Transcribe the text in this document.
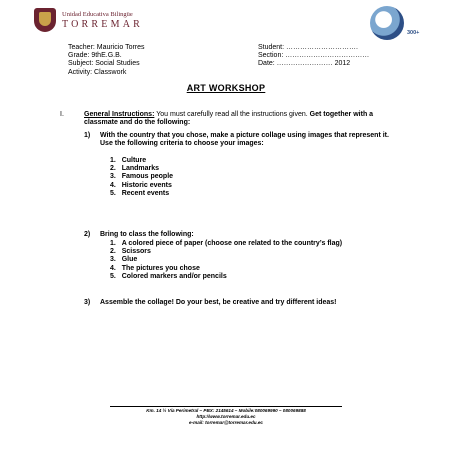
Unidad Educativa Bilingüe
TORREMAR
300+
Teacher: Mauricio Torres
Grade: 9thE.G.B.
Subject: Social Studies
Activity: Classwork
Student: ………………………….
Section: ………………………………
Date: …………………… 2012
ART WORKSHOP
I.	General Instructions: You must carefully read all the instructions given. Get together with a classmate and do the following:
1) With the country that you chose, make a picture collage using images that represent it. Use the following criteria to choose your images:
1. Culture
2. Landmarks
3. Famous people
4. Historic events
5. Recent events
2) Bring to class the following:
1. A colored piece of paper (choose one related to the country’s flag)
2. Scissors
3. Glue
4. The pictures you chose
5. Colored markers and/or pencils
3) Assemble the collage! Do your best, be creative and try different ideas!
Km. 14 ½ Vía Perimetral – PBX: 2145614 – Mobile:080069990 – 080069888
http://www.torremar.edu.ec
e-mail: torremar@torremar.edu.ec
